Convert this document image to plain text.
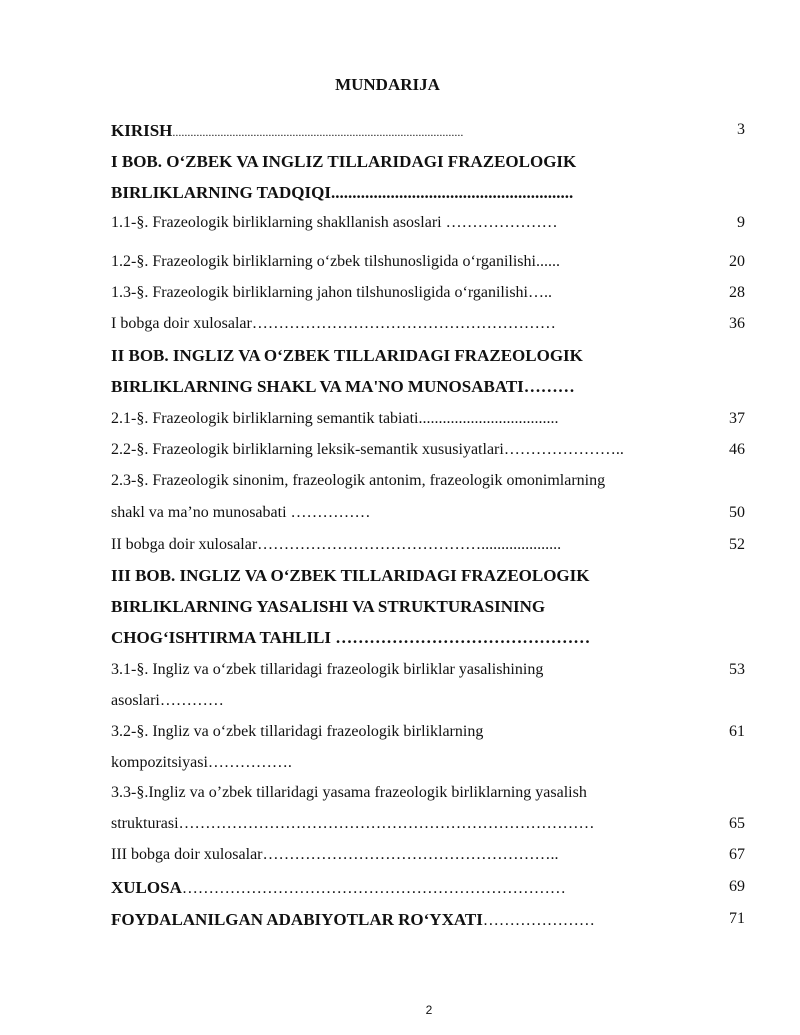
MUNDARIJA
KIRISH.................................................................................................	3
I BOB. O‘ZBEK VA INGLIZ TILLARIDAGI FRAZEOLOGIK
BIRLIKLARNING TADQIQI.........................................................
1.1-§. Frazeologik birliklarning shakllanish asoslari …………………	9
1.2-§. Frazeologik birliklarning o‘zbek tilshunosligida o‘rganilishi......	20
1.3-§. Frazeologik birliklarning jahon tilshunosligida o‘rganilishi…..	28
I bobga doir xulosalar…………………………………………………	36
II BOB. INGLIZ VA O‘ZBEK TILLARIDAGI FRAZEOLOGIK
BIRLIKLARNING SHAKL VA MA'NO MUNOSABATI………
2.1-§. Frazeologik birliklarning semantik tabiati...................................	37
2.2-§. Frazeologik birliklarning leksik-semantik xususiyatlari…………………..	46
2.3-§. Frazeologik sinonim, frazeologik antonim, frazeologik omonimlarning
shakl va ma’no munosabati ……………	50
II bobga doir xulosalar……………………………………....................	52
III BOB. INGLIZ VA O‘ZBEK TILLARIDAGI FRAZEOLOGIK
BIRLIKLARNING YASALISHI VA STRUKTURASINING
CHOG‘ISHTIRMA TAHLILI ………………………………………
3.1-§. Ingliz va o‘zbek tillaridagi frazeologik birliklar yasalishining	53
asoslari…………
3.2-§. Ingliz va o‘zbek tillaridagi frazeologik birliklarning	61
kompozitsiyasi…………….
3.3-§.Ingliz va o’zbek tillaridagi yasama frazeologik birliklarning yasalish
strukturasi……………………………………………………………………	65
III bobga doir xulosalar………………………………………………..	67
XULOSA………………………………………………………………	69
FOYDALANILGAN ADABIYOTLAR RO‘YXATI…………………	71
2
